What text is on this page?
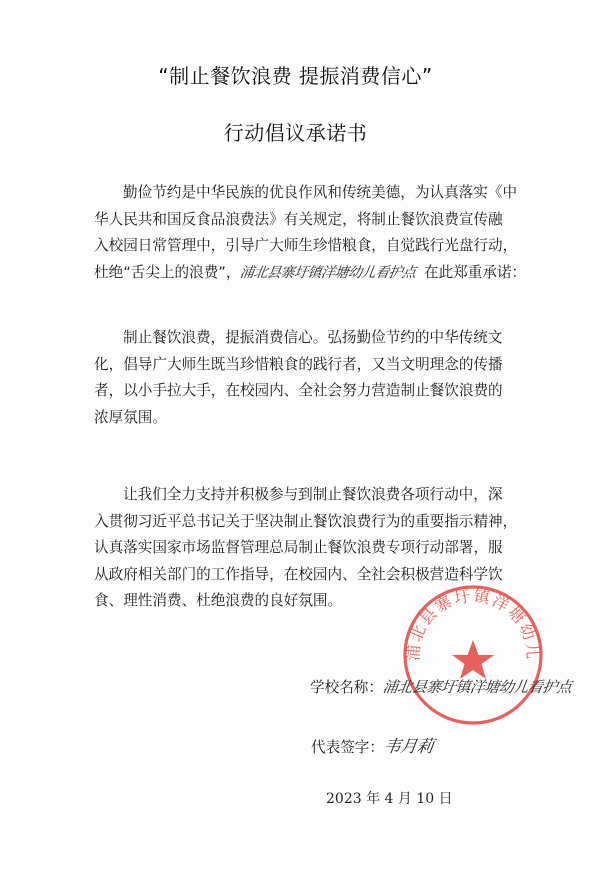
“制止餐饮浪费 提振消费信心”
行动倡议承诺书
勤俭节约是中华民族的优良作风和传统美德，为认真落实《中
华人民共和国反食品浪费法》有关规定，将制止餐饮浪费宣传融
入校园日常管理中，引导广大师生珍惜粮食，自觉践行光盘行动，
杜绝“舌尖上的浪费”，浦北县寨圩镇洋塘幼儿看护点 在此郑重承诺：
制止餐饮浪费，提振消费信心。弘扬勤俭节约的中华传统文
化，倡导广大师生既当珍惜粮食的践行者，又当文明理念的传播
者，以小手拉大手，在校园内、全社会努力营造制止餐饮浪费的
浓厚氛围。
让我们全力支持并积极参与到制止餐饮浪费各项行动中，深
入贯彻习近平总书记关于坚决制止餐饮浪费行为的重要指示精神，
认真落实国家市场监督管理总局制止餐饮浪费专项行动部署，服
从政府相关部门的工作指导，在校园内、全社会积极营造科学饮
食、理性消费、杜绝浪费的良好氛围。
浦北县寨圩镇洋塘幼儿
学校名称：浦北县寨圩镇洋塘幼儿看护点
代表签字：韦月莉
2023 年 4 月 10 日
